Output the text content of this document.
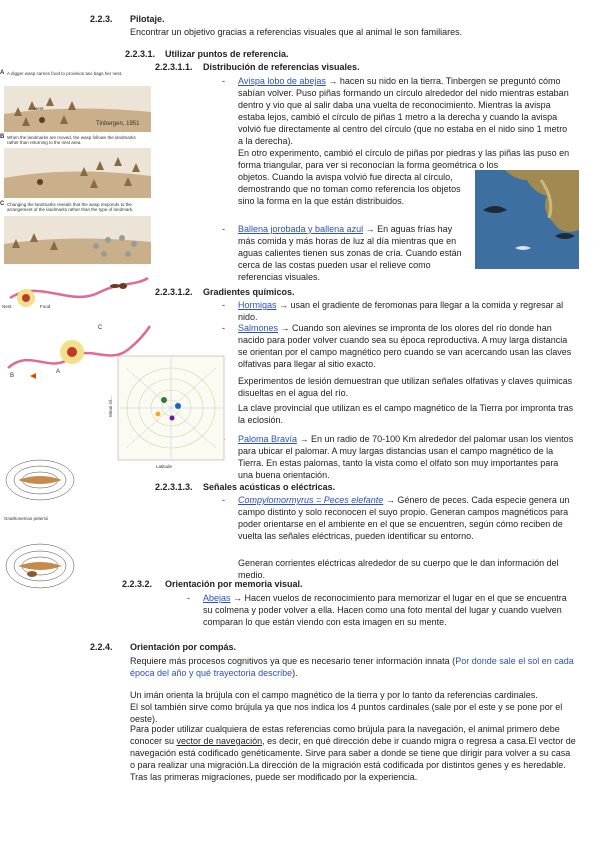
2.2.3. Pilotaje.
Encontrar un objetivo gracias a referencias visuales que al animal le son familiares.
2.2.3.1. Utilizar puntos de referencia.
2.2.3.1.1. Distribución de referencias visuales.
- Avispa lobo de abejas → hacen su nido en la tierra. Tinbergen se preguntó cómo sabían volver. Puso piñas formando un círculo alrededor del nido mientras estaban dentro y vio que al salir daba una vuelta de reconocimiento. Mientras la avispa estaba lejos, cambió el círculo de piñas 1 metro a la derecha y cuando la avispa volvió fue directamente al centro del círculo (que no estaba en el nido sino 1 metro a la derecha).
En otro experimento, cambió el círculo de piñas por piedras y las piñas las puso en forma triangular, para ver si reconocían la forma geométrica o los
objetos. Cuando la avispa volvió fue directa al círculo, demostrando que no toman como referencia los objetos sino la forma en la que están distribuidos.
- Ballena jorobada y ballena azul → En aguas frías hay más comida y más horas de luz al día mientras que en aguas calientes tienen sus zonas de cría. Cuando están cerca de las costas pueden usar el relieve como referencias visuales.
2.2.3.1.2. Gradientes químicos.
- Hormigas → usan el gradiente de feromonas para llegar a la comida y regresar al nido.
- Salmones → Cuando son alevines se impronta de los olores del río donde han nacido para poder volver cuando sea su época reproductiva. A muy larga distancia se orientan por el campo magnético pero cuando se van acercando usan las claves olfativas para llegar al sitio exacto.
Experimentos de lesión demuestran que utilizan señales olfativas y claves químicas disueltas en el agua del río.
La clave provincial que utilizan es el campo magnético de la Tierra por impronta tras la eclosión.
Paloma Bravía → En un radio de 70-100 Km alrededor del palomar usan los vientos para ubicar el palomar. A muy largas distancias usan el campo magnético de la Tierra. En estas palomas, tanto la vista como el olfato son muy importantes para una buena orientación.
2.2.3.1.3. Señales acústicas o eléctricas.
- Compylomormyrus = Peces elefante → Género de peces. Cada especie genera un campo distinto y solo reconocen el suyo propio. Generan campos magnéticos para poder orientarse en el ambiente en el que se encuentren, según cómo reciben de vuelta las señales eléctricas, pueden identificar su entorno.
Generan corrientes eléctricas alrededor de su cuerpo que le dan información del medio.
2.2.3.2. Orientación por memoria visual.
- Abejas → Hacen vuelos de reconocimiento para memorizar el lugar en el que se encuentra su colmena y poder volver a ella. Hacen como una foto mental del lugar y cuando vuelven comparan lo que están viendo con esta imagen en su mente.
2.2.4. Orientación por compás.
Requiere más procesos cognitivos ya que es necesario tener información innata (Por donde sale el sol en cada época del año y qué trayectoria describe).
Un imán orienta la brújula con el campo magnético de la tierra y por lo tanto da referencias cardinales.
El sol también sirve como brújula ya que nos indica los 4 puntos cardinales (sale por el este y se pone por el oeste).
Para poder utilizar cualquiera de estas referencias como brújula para la navegación, el animal primero debe conocer su vector de navegación, es decir, en qué dirección debe ir cuando migra o regresa a casa.El vector de navegación está codificado genéticamente. Sirve para saber a donde se tiene que dirigir para volver a su casa o para realizar una migración.La dirección de la migración está codificada por distintos genes y es heredable. Tras las primeras migraciones, puede ser modificado por la experiencia.
A A digger wasp carries food to provision two bags her nest.
B When the landmarks are moved, the wasp follows the landmarks rather than returning to the nest area.
C Changing the landmarks reveals that the wasp responds to the arrangement of the landmarks rather than the type of landmark.
Nest
Tinbergen, 1951
Nest	Food
A
B
C
Mean Gl...
Latitude
Gnathonemus petersii
